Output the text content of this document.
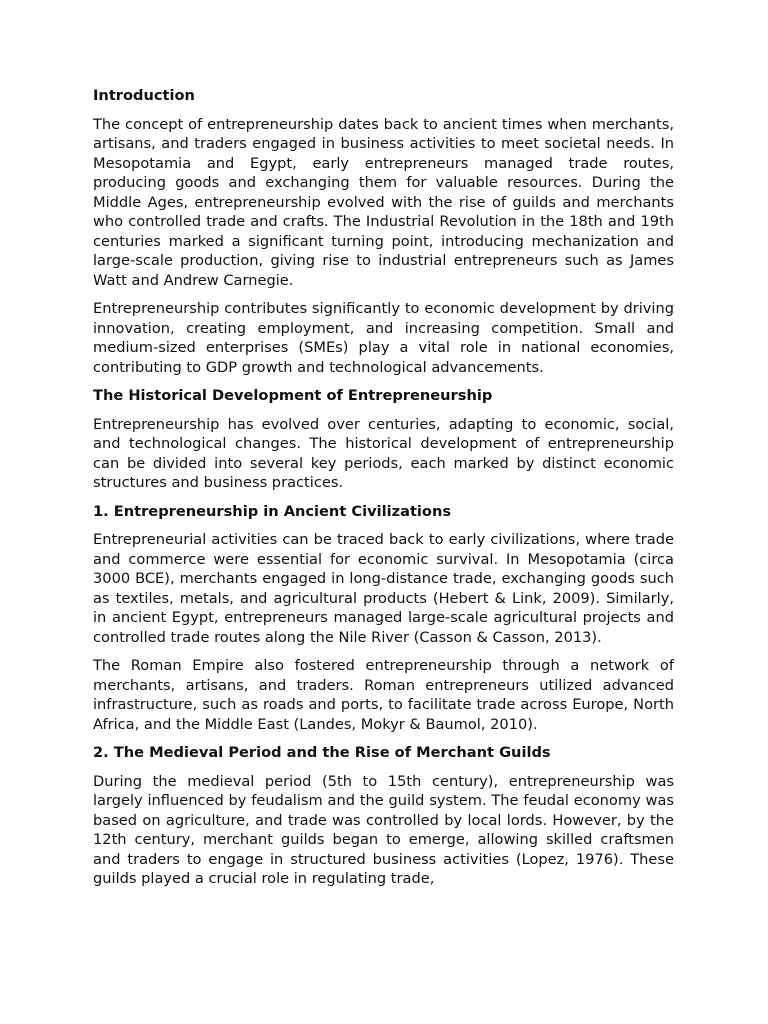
Introduction

The concept of entrepreneurship dates back to ancient times when merchants, artisans, and traders engaged in business activities to meet societal needs. In Mesopotamia and Egypt, early entrepreneurs managed trade routes, producing goods and exchanging them for valuable resources. During the Middle Ages, entrepreneurship evolved with the rise of guilds and merchants who controlled trade and crafts. The Industrial Revolution in the 18th and 19th centuries marked a significant turning point, introducing mechanization and large-scale production, giving rise to industrial entrepreneurs such as James Watt and Andrew Carnegie.

Entrepreneurship contributes significantly to economic development by driving innovation, creating employment, and increasing competition. Small and medium-sized enterprises (SMEs) play a vital role in national economies, contributing to GDP growth and technological advancements.

The Historical Development of Entrepreneurship

Entrepreneurship has evolved over centuries, adapting to economic, social, and technological changes. The historical development of entrepreneurship can be divided into several key periods, each marked by distinct economic structures and business practices.

1. Entrepreneurship in Ancient Civilizations

Entrepreneurial activities can be traced back to early civilizations, where trade and commerce were essential for economic survival. In Mesopotamia (circa 3000 BCE), merchants engaged in long-distance trade, exchanging goods such as textiles, metals, and agricultural products (Hebert & Link, 2009). Similarly, in ancient Egypt, entrepreneurs managed large-scale agricultural projects and controlled trade routes along the Nile River (Casson & Casson, 2013).

The Roman Empire also fostered entrepreneurship through a network of merchants, artisans, and traders. Roman entrepreneurs utilized advanced infrastructure, such as roads and ports, to facilitate trade across Europe, North Africa, and the Middle East (Landes, Mokyr & Baumol, 2010).

2. The Medieval Period and the Rise of Merchant Guilds

During the medieval period (5th to 15th century), entrepreneurship was largely influenced by feudalism and the guild system. The feudal economy was based on agriculture, and trade was controlled by local lords. However, by the 12th century, merchant guilds began to emerge, allowing skilled craftsmen and traders to engage in structured business activities (Lopez, 1976). These guilds played a crucial role in regulating trade,
